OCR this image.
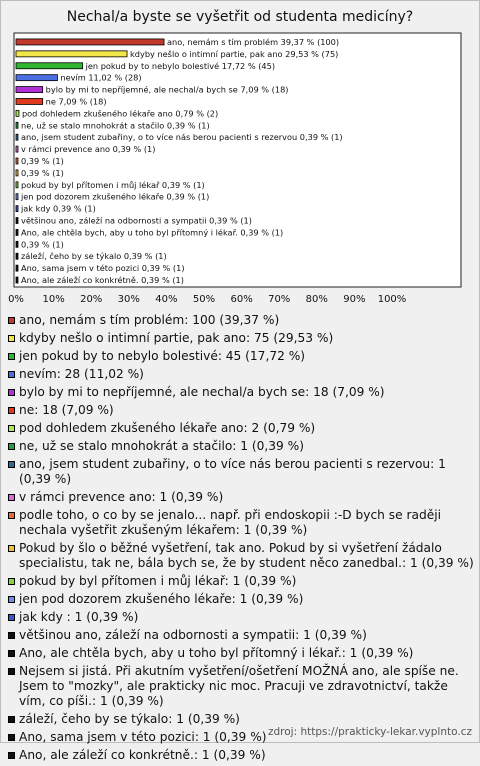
Nechal/a byste se vyšetřit od studenta medicíny?
ano, nemám s tím problém 39,37 % (100)
kdyby nešlo o intimní partie, pak ano 29,53 % (75)
jen pokud by to nebylo bolestivé 17,72 % (45)
nevím 11,02 % (28)
bylo by mi to nepříjemné, ale nechal/a bych se 7,09 % (18)
ne 7,09 % (18)
pod dohledem zkušeného lékaře ano 0,79 % (2)
ne, už se stalo mnohokrát a stačilo 0,39 % (1)
ano, jsem student zubařiny, o to více nás berou pacienti s rezervou 0,39 % (1)
v rámci prevence ano 0,39 % (1)
0,39 % (1)
0,39 % (1)
pokud by byl přítomen i můj lékař 0,39 % (1)
jen pod dozorem zkušeného lékaře 0,39 % (1)
jak kdy 0,39 % (1)
většinou ano, záleží na odbornosti a sympatii 0,39 % (1)
Ano, ale chtěla bych, aby u toho byl přítomný i lékař. 0,39 % (1)
0,39 % (1)
záleží, čeho by se týkalo 0,39 % (1)
Ano, sama jsem v této pozici 0,39 % (1)
Ano, ale záleží co konkrétně. 0,39 % (1)
0% 10% 20% 30% 40% 50% 60% 70% 80% 90% 100%
ano, nemám s tím problém: 100 (39,37 %)
kdyby nešlo o intimní partie, pak ano: 75 (29,53 %)
jen pokud by to nebylo bolestivé: 45 (17,72 %)
nevím: 28 (11,02 %)
bylo by mi to nepříjemné, ale nechal/a bych se: 18 (7,09 %)
ne: 18 (7,09 %)
pod dohledem zkušeného lékaře ano: 2 (0,79 %)
ne, už se stalo mnohokrát a stačilo: 1 (0,39 %)
ano, jsem student zubařiny, o to více nás berou pacienti s rezervou: 1 (0,39 %)
v rámci prevence ano: 1 (0,39 %)
podle toho, o co by se jenalo... např. při endoskopii :-D bych se raději nechala vyšetřit zkušeným lékařem: 1 (0,39 %)
Pokud by šlo o běžné vyšetření, tak ano. Pokud by si vyšetření žádalo specialistu, tak ne, bála bych se, že by student něco zanedbal.: 1 (0,39 %)
pokud by byl přítomen i můj lékař: 1 (0,39 %)
jen pod dozorem zkušeného lékaře: 1 (0,39 %)
jak kdy : 1 (0,39 %)
většinou ano, záleží na odbornosti a sympatii: 1 (0,39 %)
Ano, ale chtěla bych, aby u toho byl přítomný i lékař.: 1 (0,39 %)
Nejsem si jistá. Při akutním vyšetření/ošetření MOŽNÁ ano, ale spíše ne. Jsem to "mozky", ale prakticky nic moc. Pracuji ve zdravotnictví, takže vím, co píši.: 1 (0,39 %)
záleží, čeho by se týkalo: 1 (0,39 %)
Ano, sama jsem v této pozici: 1 (0,39 %)
Ano, ale záleží co konkrétně.: 1 (0,39 %)
zdroj: https://prakticky-lekar.vyplnto.cz
